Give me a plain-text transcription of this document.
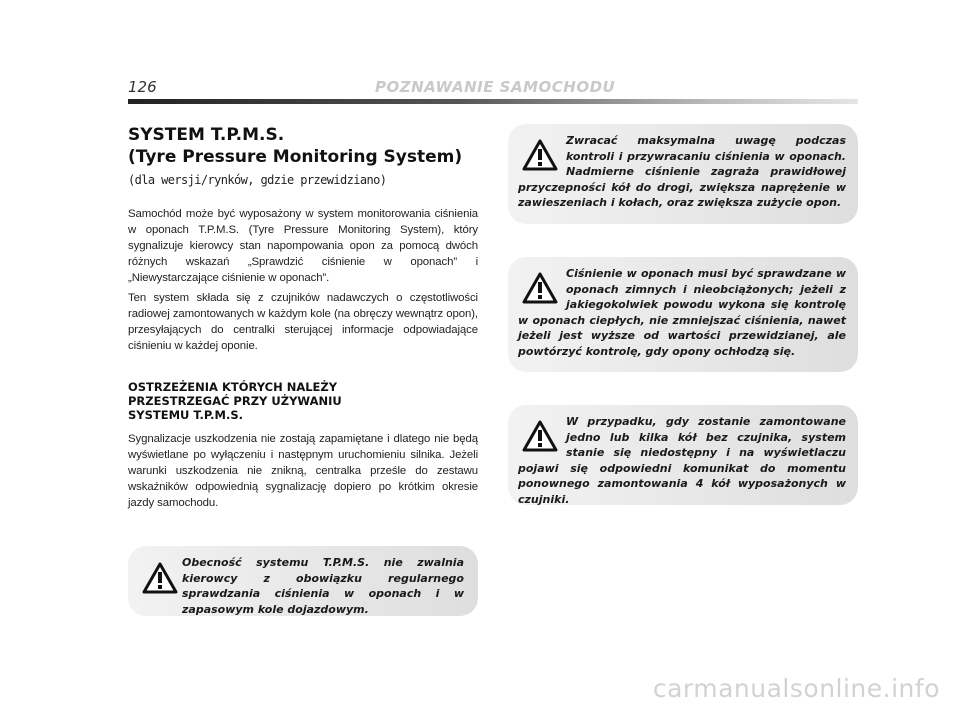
126	POZNAWANIE SAMOCHODU
SYSTEM T.P.M.S.
(Tyre Pressure Monitoring System)

(dla wersji/rynków, gdzie przewidziano)

Samochód może być wyposażony w system monitorowania ciśnienia w oponach T.P.M.S. (Tyre Pressure Monitoring System), który sygnalizuje kierowcy stan napompowania opon za pomocą dwóch różnych wskazań „Sprawdzić ciśnienie w oponach” i „Niewystarczające ciśnienie w oponach”.

Ten system składa się z czujników nadawczych o częstotliwości radiowej zamontowanych w każdym kole (na obręczy wewnątrz opon), przesyłających do centralki sterującej informacje odpowiadające ciśnieniu w każdej oponie.

OSTRZEŻENIA KTÓRYCH NALEŻY
PRZESTRZEGAĆ PRZY UŻYWANIU
SYSTEMU T.P.M.S.

Sygnalizacje uszkodzenia nie zostają zapamiętane i dlatego nie będą wyświetlane po wyłączeniu i następnym uruchomieniu silnika. Jeżeli warunki uszkodzenia nie znikną, centralka prześle do zestawu wskaźników odpowiednią sygnalizację dopiero po krótkim okresie jazdy samochodu.

Zwracać maksymalna uwagę podczas kontroli i przywracaniu ciśnienia w oponach. Nadmierne ciśnienie zagraża prawidłowej przyczepności kół do drogi, zwiększa naprężenie w zawieszeniach i kołach, oraz zwiększa zużycie opon.
Ciśnienie w oponach musi być sprawdzane w oponach zimnych i nieobciążonych; jeżeli z jakiegokolwiek powodu wykona się kontrolę w oponach ciepłych, nie zmniejszać ciśnienia, nawet jeżeli jest wyższe od wartości przewidzianej, ale powtórzyć kontrolę, gdy opony ochłodzą się.
W przypadku, gdy zostanie zamontowane jedno lub kilka kół bez czujnika, system stanie się niedostępny i na wyświetlaczu pojawi się odpowiedni komunikat do momentu ponownego zamontowania 4 kół wyposażonych w czujniki.
Obecność systemu T.P.M.S. nie zwalnia kierowcy z obowiązku regularnego sprawdzania ciśnienia w oponach i w zapasowym kole dojazdowym.
carmanualsonline.info
